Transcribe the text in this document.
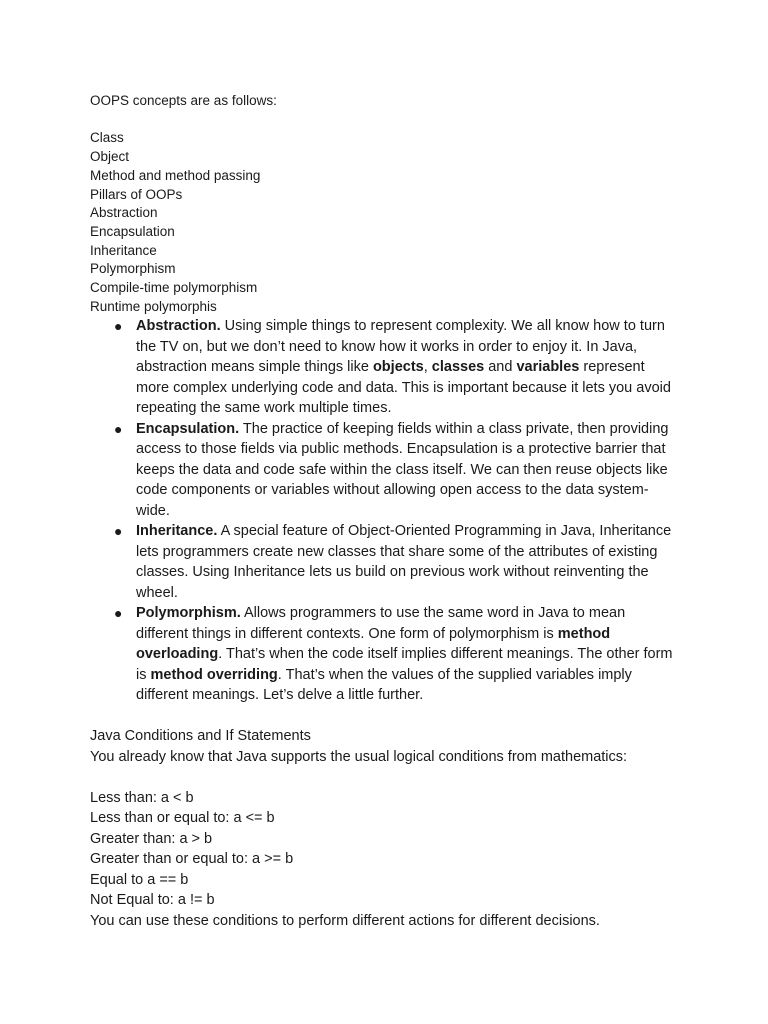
OOPS concepts are as follows:

Class
Object
Method and method passing
Pillars of OOPs
Abstraction
Encapsulation
Inheritance
Polymorphism
Compile-time polymorphism
Runtime polymorphis
● Abstraction. Using simple things to represent complexity. We all know how to turn the TV on, but we don’t need to know how it works in order to enjoy it. In Java, abstraction means simple things like objects, classes and variables represent more complex underlying code and data. This is important because it lets you avoid repeating the same work multiple times.
● Encapsulation. The practice of keeping fields within a class private, then providing access to those fields via public methods. Encapsulation is a protective barrier that keeps the data and code safe within the class itself. We can then reuse objects like code components or variables without allowing open access to the data system-wide.
● Inheritance. A special feature of Object-Oriented Programming in Java, Inheritance lets programmers create new classes that share some of the attributes of existing classes. Using Inheritance lets us build on previous work without reinventing the wheel.
● Polymorphism. Allows programmers to use the same word in Java to mean different things in different contexts. One form of polymorphism is method overloading. That’s when the code itself implies different meanings. The other form is method overriding. That’s when the values of the supplied variables imply different meanings. Let’s delve a little further.

Java Conditions and If Statements

You already know that Java supports the usual logical conditions from mathematics:

Less than: a < b
Less than or equal to: a <= b
Greater than: a > b
Greater than or equal to: a >= b
Equal to a == b
Not Equal to: a != b

You can use these conditions to perform different actions for different decisions.
